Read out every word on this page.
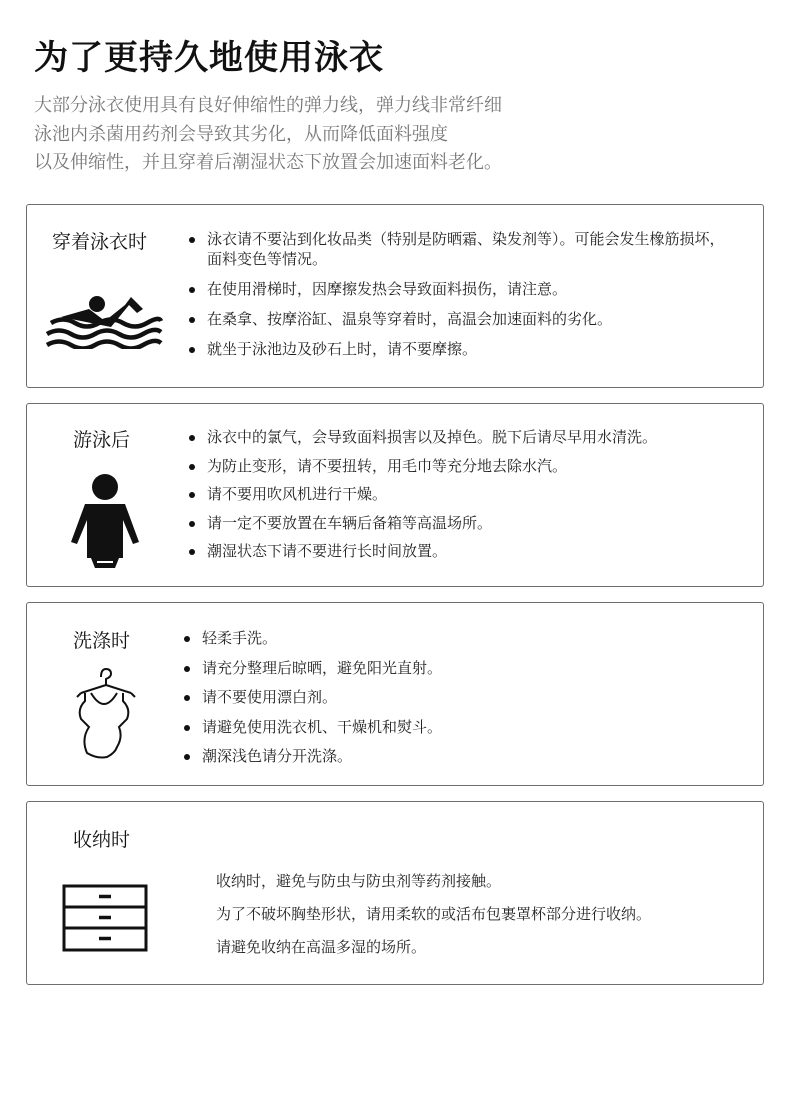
为了更持久地使用泳衣
大部分泳衣使用具有良好伸缩性的弹力线，弹力线非常纤细
泳池内杀菌用药剂会导致其劣化，从而降低面料强度
以及伸缩性，并且穿着后潮湿状态下放置会加速面料老化。
穿着泳衣时	泳衣请不要沾到化妆品类（特别是防晒霜、染发剂等）。可能会发生橡筋损坏，面料变色等情况。
在使用滑梯时，因摩擦发热会导致面料损伤，请注意。
在桑拿、按摩浴缸、温泉等穿着时，高温会加速面料的劣化。
就坐于泳池边及砂石上时，请不要摩擦。
游泳后	泳衣中的氯气，会导致面料损害以及掉色。脱下后请尽早用水清洗。
为防止变形，请不要扭转，用毛巾等充分地去除水汽。
请不要用吹风机进行干燥。
请一定不要放置在车辆后备箱等高温场所。
潮湿状态下请不要进行长时间放置。
洗涤时	轻柔手洗。
请充分整理后晾晒，避免阳光直射。
请不要使用漂白剂。
请避免使用洗衣机、干燥机和熨斗。
潮深浅色请分开洗涤。
收纳时
收纳时，避免与防虫与防虫剂等药剂接触。
为了不破坏胸垫形状，请用柔软的或活布包裹罩杯部分进行收纳。
请避免收纳在高温多湿的场所。
